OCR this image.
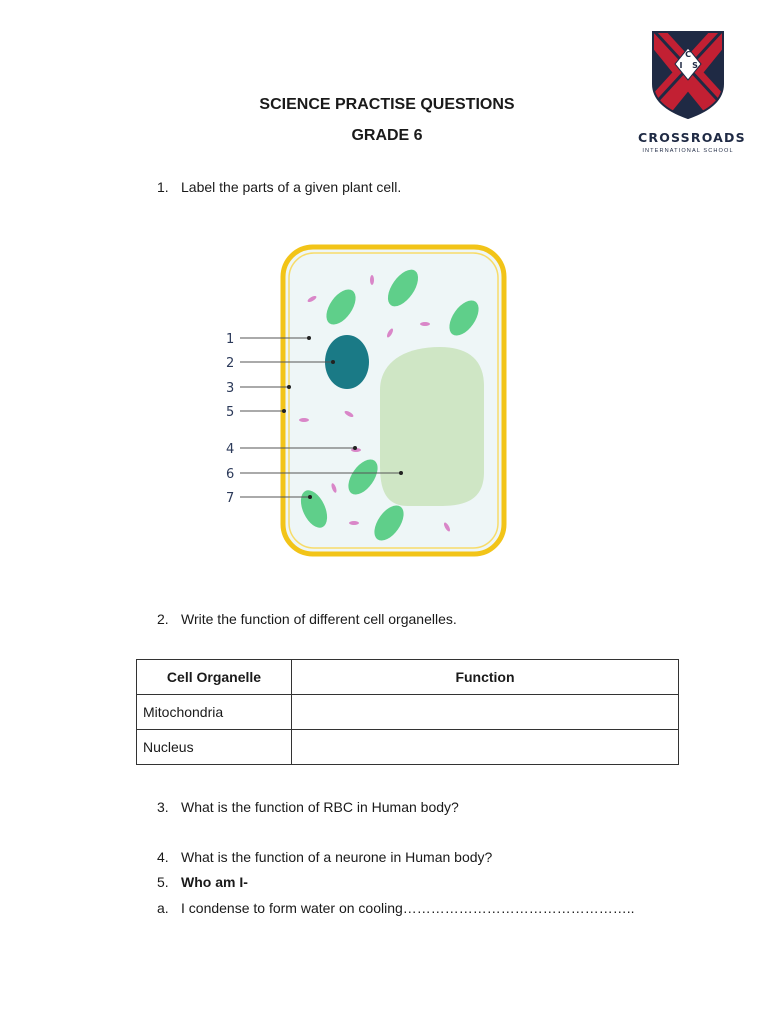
C
I S
CROSSROADS
INTERNATIONAL SCHOOL
SCIENCE PRACTISE QUESTIONS
GRADE 6
1. Label the parts of a given plant cell.
1
2
3
5
4
6
7
2. Write the function of different cell organelles.
Cell Organelle	Function
Mitochondria	
Nucleus	
3. What is the function of RBC in Human body?
4. What is the function of a neurone in Human body?
5. Who am I-
a. I condense to form water on cooling…………………………………………..
